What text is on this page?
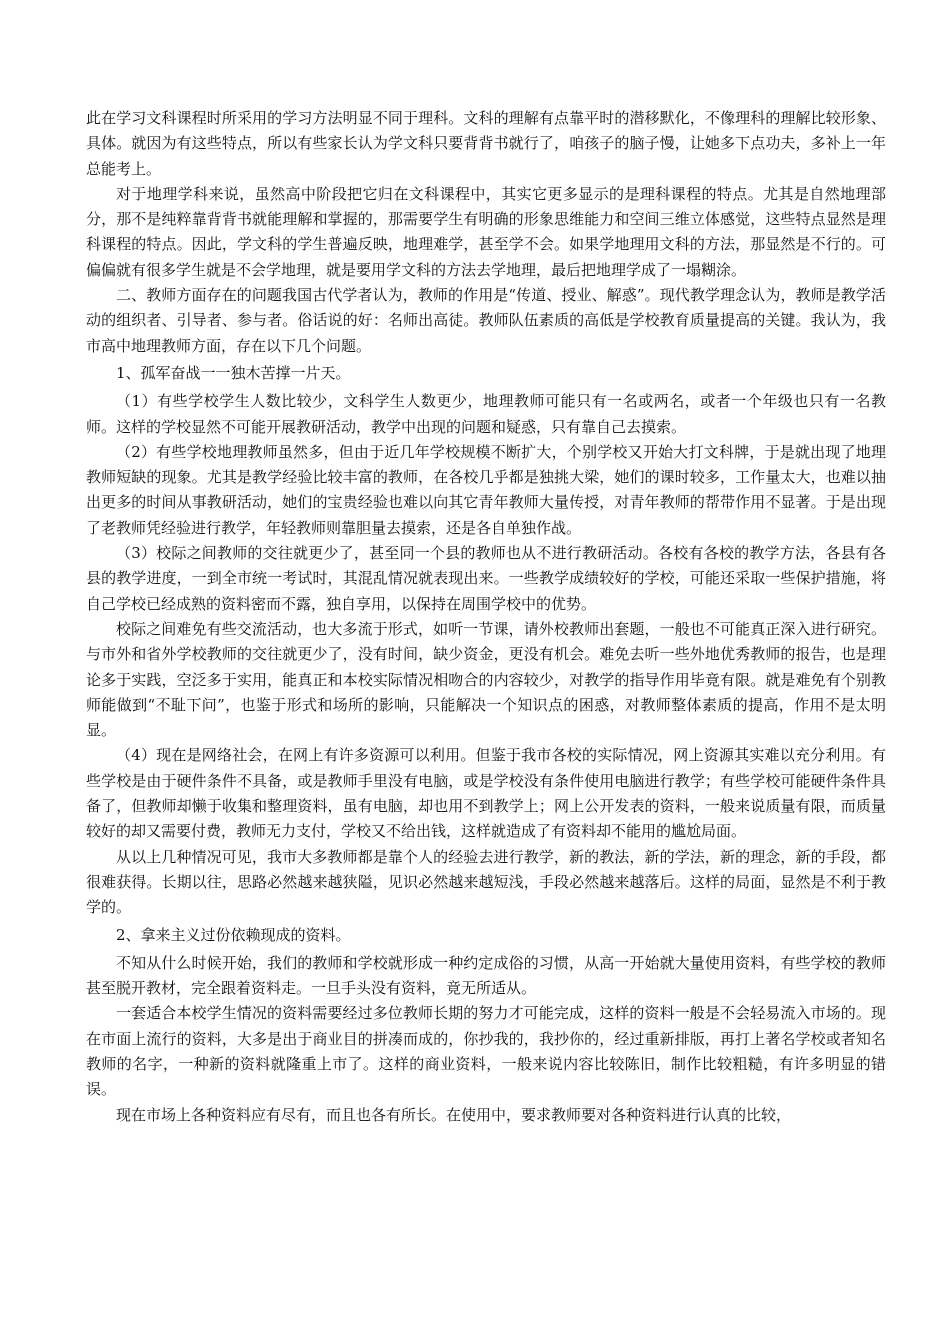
此在学习文科课程时所采用的学习方法明显不同于理科。文科的理解有点靠平时的潜移默化，不像理科的理解比较形象、具体。就因为有这些特点，所以有些家长认为学文科只要背背书就行了，咱孩子的脑子慢，让她多下点功夫，多补上一年总能考上。

对于地理学科来说，虽然高中阶段把它归在文科课程中，其实它更多显示的是理科课程的特点。尤其是自然地理部分，那不是纯粹靠背背书就能理解和掌握的，那需要学生有明确的形象思维能力和空间三维立体感觉，这些特点显然是理科课程的特点。因此，学文科的学生普遍反映，地理难学，甚至学不会。如果学地理用文科的方法，那显然是不行的。可偏偏就有很多学生就是不会学地理，就是要用学文科的方法去学地理，最后把地理学成了一塌糊涂。

二、教师方面存在的问题我国古代学者认为，教师的作用是“传道、授业、解惑”。现代教学理念认为，教师是教学活动的组织者、引导者、参与者。俗话说的好：名师出高徒。教师队伍素质的高低是学校教育质量提高的关键。我认为，我市高中地理教师方面，存在以下几个问题。

1、孤军奋战一一独木苦撑一片天。

（1）有些学校学生人数比较少，文科学生人数更少，地理教师可能只有一名或两名，或者一个年级也只有一名教师。这样的学校显然不可能开展教研活动，教学中出现的问题和疑惑，只有靠自己去摸索。

（2）有些学校地理教师虽然多，但由于近几年学校规模不断扩大，个别学校又开始大打文科牌，于是就出现了地理教师短缺的现象。尤其是教学经验比较丰富的教师，在各校几乎都是独挑大梁，她们的课时较多，工作量太大，也难以抽出更多的时间从事教研活动，她们的宝贵经验也难以向其它青年教师大量传授，对青年教师的帮带作用不显著。于是出现了老教师凭经验进行教学，年轻教师则靠胆量去摸索，还是各自单独作战。

（3）校际之间教师的交往就更少了，甚至同一个县的教师也从不进行教研活动。各校有各校的教学方法，各县有各县的教学进度，一到全市统一考试时，其混乱情况就表现出来。一些教学成绩较好的学校，可能还采取一些保护措施，将自己学校已经成熟的资料密而不露，独自享用，以保持在周围学校中的优势。

校际之间难免有些交流活动，也大多流于形式，如听一节课，请外校教师出套题，一般也不可能真正深入进行研究。与市外和省外学校教师的交往就更少了，没有时间，缺少资金，更没有机会。难免去听一些外地优秀教师的报告，也是理论多于实践，空泛多于实用，能真正和本校实际情况相吻合的内容较少，对教学的指导作用毕竟有限。就是难免有个别教师能做到“不耻下问”，也鉴于形式和场所的影响，只能解决一个知识点的困惑，对教师整体素质的提高，作用不是太明显。

（4）现在是网络社会，在网上有许多资源可以利用。但鉴于我市各校的实际情况，网上资源其实难以充分利用。有些学校是由于硬件条件不具备，或是教师手里没有电脑，或是学校没有条件使用电脑进行教学；有些学校可能硬件条件具备了，但教师却懒于收集和整理资料，虽有电脑，却也用不到教学上；网上公开发表的资料，一般来说质量有限，而质量较好的却又需要付费，教师无力支付，学校又不给出钱，这样就造成了有资料却不能用的尴尬局面。

从以上几种情况可见，我市大多教师都是靠个人的经验去进行教学，新的教法，新的学法，新的理念，新的手段，都很难获得。长期以往，思路必然越来越狭隘，见识必然越来越短浅，手段必然越来越落后。这样的局面，显然是不利于教学的。

2、拿来主义过份依赖现成的资料。

不知从什么时候开始，我们的教师和学校就形成一种约定成俗的习惯，从高一开始就大量使用资料，有些学校的教师甚至脱开教材，完全跟着资料走。一旦手头没有资料，竟无所适从。

一套适合本校学生情况的资料需要经过多位教师长期的努力才可能完成，这样的资料一般是不会轻易流入市场的。现在市面上流行的资料，大多是出于商业目的拼凑而成的，你抄我的，我抄你的，经过重新排版，再打上著名学校或者知名教师的名字，一种新的资料就隆重上市了。这样的商业资料，一般来说内容比较陈旧，制作比较粗糙，有许多明显的错误。

现在市场上各种资料应有尽有，而且也各有所长。在使用中，要求教师要对各种资料进行认真的比较，
